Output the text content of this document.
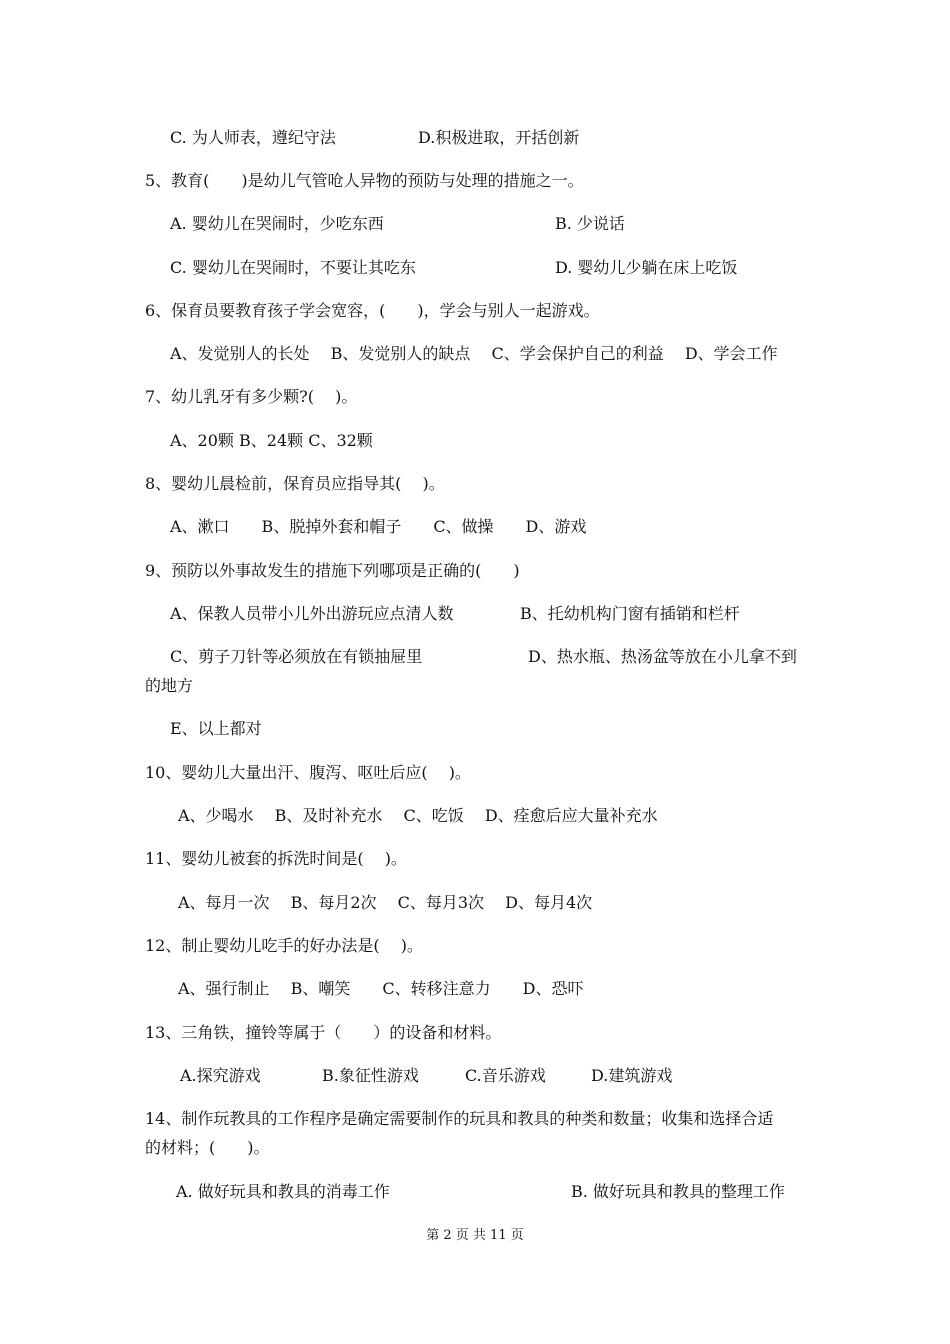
C. 为人师表，遵纪守法	D.积极进取，开括创新
5、教育(　　)是幼儿气管呛人异物的预防与处理的措施之一。
A. 婴幼儿在哭闹时，少吃东西	B. 少说话
C. 婴幼儿在哭闹时，不要让其吃东	D. 婴幼儿少躺在床上吃饭
6、保育员要教育孩子学会宽容，(　　)，学会与别人一起游戏。
A、发觉别人的长处　 B、发觉别人的缺点　 C、学会保护自己的利益　 D、学会工作
7、幼儿乳牙有多少颗?(　 )。
A、20颗 B、24颗 C、32颗
8、婴幼儿晨检前，保育员应指导其(　 )。
A、漱口　　B、脱掉外套和帽子　　C、做操　　D、游戏
9、预防以外事故发生的措施下列哪项是正确的(　　)
A、保教人员带小儿外出游玩应点清人数	B、托幼机构门窗有插销和栏杆
C、剪子刀针等必须放在有锁抽屉里	D、热水瓶、热汤盆等放在小儿拿不到
的地方
E、以上都对
10、婴幼儿大量出汗、腹泻、呕吐后应(　 )。
A、少喝水　 B、及时补充水　 C、吃饭　 D、痊愈后应大量补充水
11、婴幼儿被套的拆洗时间是(　 )。
A、每月一次　 B、每月2次　 C、每月3次　 D、每月4次
12、制止婴幼儿吃手的好办法是(　 )。
A、强行制止　 B、嘲笑　　C、转移注意力　　D、恐吓
13、三角铁，撞铃等属于（　　）的设备和材料。
A.探究游戏	B.象征性游戏	C.音乐游戏	D.建筑游戏
14、制作玩教具的工作程序是确定需要制作的玩具和教具的种类和数量；收集和选择合适
的材料；(　　)。
A. 做好玩具和教具的消毒工作	B. 做好玩具和教具的整理工作
第 2 页 共 11 页
